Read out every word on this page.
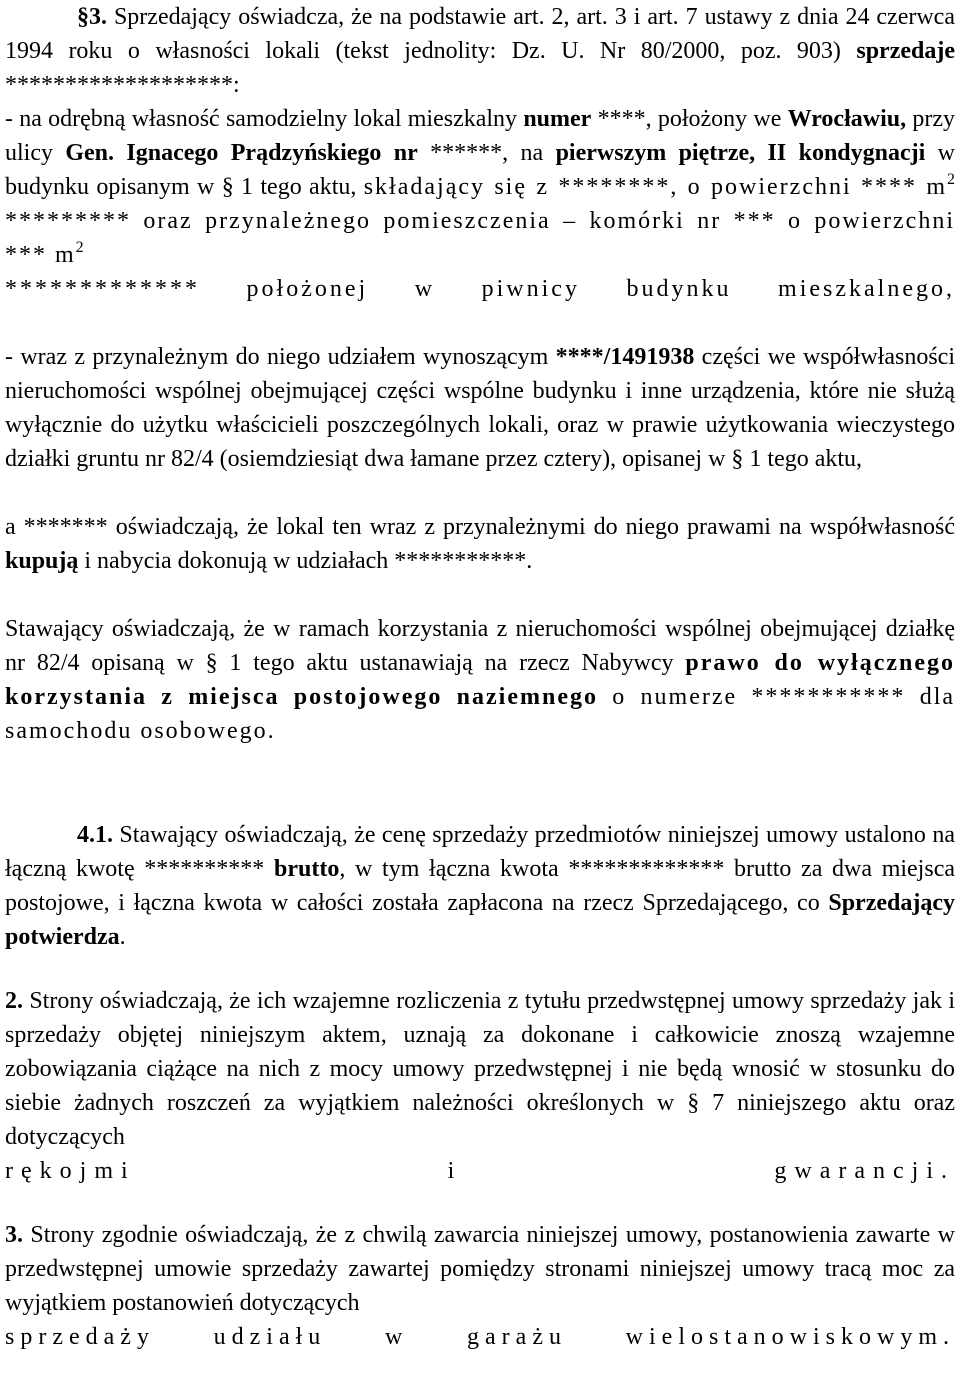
§3. Sprzedający oświadcza, że na podstawie art. 2, art. 3 i art. 7 ustawy z dnia 24 czerwca 1994 roku o własności lokali (tekst jednolity: Dz. U. Nr 80/2000, poz. 903) sprzedaje *******************:

- na odrębną własność samodzielny lokal mieszkalny numer ****, położony we Wrocławiu, przy ulicy Gen. Ignacego Prądzyńskiego nr ******, na pierwszym piętrze, II kondygnacji w budynku opisanym w § 1 tego aktu, składający się z ********, o powierzchni **** $m^2$ ********* oraz przynależnego pomieszczenia – komórki nr *** o powierzchni *** $m^2$
************* położonej w piwnicy budynku mieszkalnego,

- wraz z przynależnym do niego udziałem wynoszącym ****/1491938 części we współwłasności nieruchomości wspólnej obejmującej części wspólne budynku i inne urządzenia, które nie służą wyłącznie do użytku właścicieli poszczególnych lokali, oraz w prawie użytkowania wieczystego działki gruntu nr 82/4 (osiemdziesiąt dwa łamane przez cztery), opisanej w § 1 tego aktu,

a ******* oświadczają, że lokal ten wraz z przynależnymi do niego prawami na współwłasność kupują i nabycia dokonują w udziałach ***********.

Stawający oświadczają, że w ramach korzystania z nieruchomości wspólnej obejmującej działkę nr 82/4 opisaną w § 1 tego aktu ustanawiają na rzecz Nabywcy prawo do wyłącznego korzystania z miejsca postojowego naziemnego o numerze *********** dla samochodu osobowego.

4.1. Stawający oświadczają, że cenę sprzedaży przedmiotów niniejszej umowy ustalono na łączną kwotę ********** brutto, w tym łączna kwota ************* brutto za dwa miejsca postojowe, i łączna kwota w całości została zapłacona na rzecz Sprzedającego, co Sprzedający potwierdza.

2. Strony oświadczają, że ich wzajemne rozliczenia z tytułu przedwstępnej umowy sprzedaży jak i sprzedaży objętej niniejszym aktem, uznają za dokonane i całkowicie znoszą wzajemne zobowiązania ciążące na nich z mocy umowy przedwstępnej i nie będą wnosić w stosunku do siebie żadnych roszczeń za wyjątkiem należności określonych w § 7 niniejszego aktu oraz dotyczących
rękojmi i gwarancji.

3. Strony zgodnie oświadczają, że z chwilą zawarcia niniejszej umowy, postanowienia zawarte w przedwstępnej umowie sprzedaży zawartej pomiędzy stronami niniejszej umowy tracą moc za wyjątkiem postanowień dotyczących
sprzedaży udziału w garażu wielostanowiskowym.
